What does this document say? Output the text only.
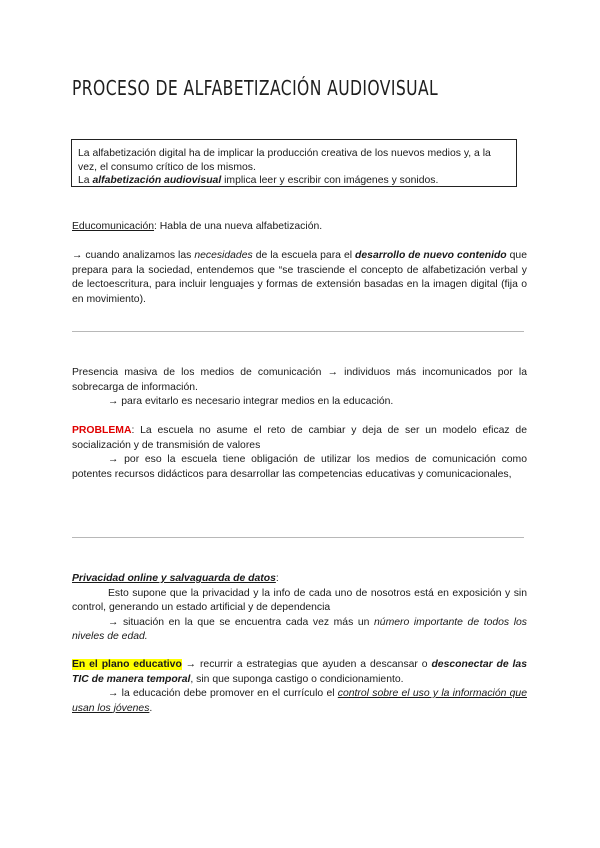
PROCESO DE ALFABETIZACIÓN AUDIOVISUAL

La alfabetización digital ha de implicar la producción creativa de los nuevos medios y, a la vez, el consumo crítico de los mismos.

La alfabetización audiovisual implica leer y escribir con imágenes y sonidos.

Educomunicación: Habla de una nueva alfabetización.

→ cuando analizamos las necesidades de la escuela para el desarrollo de nuevo contenido que prepara para la sociedad, entendemos que “se trasciende el concepto de alfabetización verbal y de lectoescritura, para incluir lenguajes y formas de extensión basadas en la imagen digital (fija o en movimiento).

Presencia masiva de los medios de comunicación → individuos más incomunicados por la sobrecarga de información.

→ para evitarlo es necesario integrar medios en la educación.

PROBLEMA: La escuela no asume el reto de cambiar y deja de ser un modelo eficaz de socialización y de transmisión de valores

→ por eso la escuela tiene obligación de utilizar los medios de comunicación como potentes recursos didácticos para desarrollar las competencias educativas y comunicacionales,

Privacidad online y salvaguarda de datos:

Esto supone que la privacidad y la info de cada uno de nosotros está en exposición y sin control, generando un estado artificial y de dependencia

→ situación en la que se encuentra cada vez más un número importante de todos los niveles de edad.

En el plano educativo → recurrir a estrategias que ayuden a descansar o desconectar de las TIC de manera temporal, sin que suponga castigo o condicionamiento.

→ la educación debe promover en el currículo el control sobre el uso y la información que usan los jóvenes.
